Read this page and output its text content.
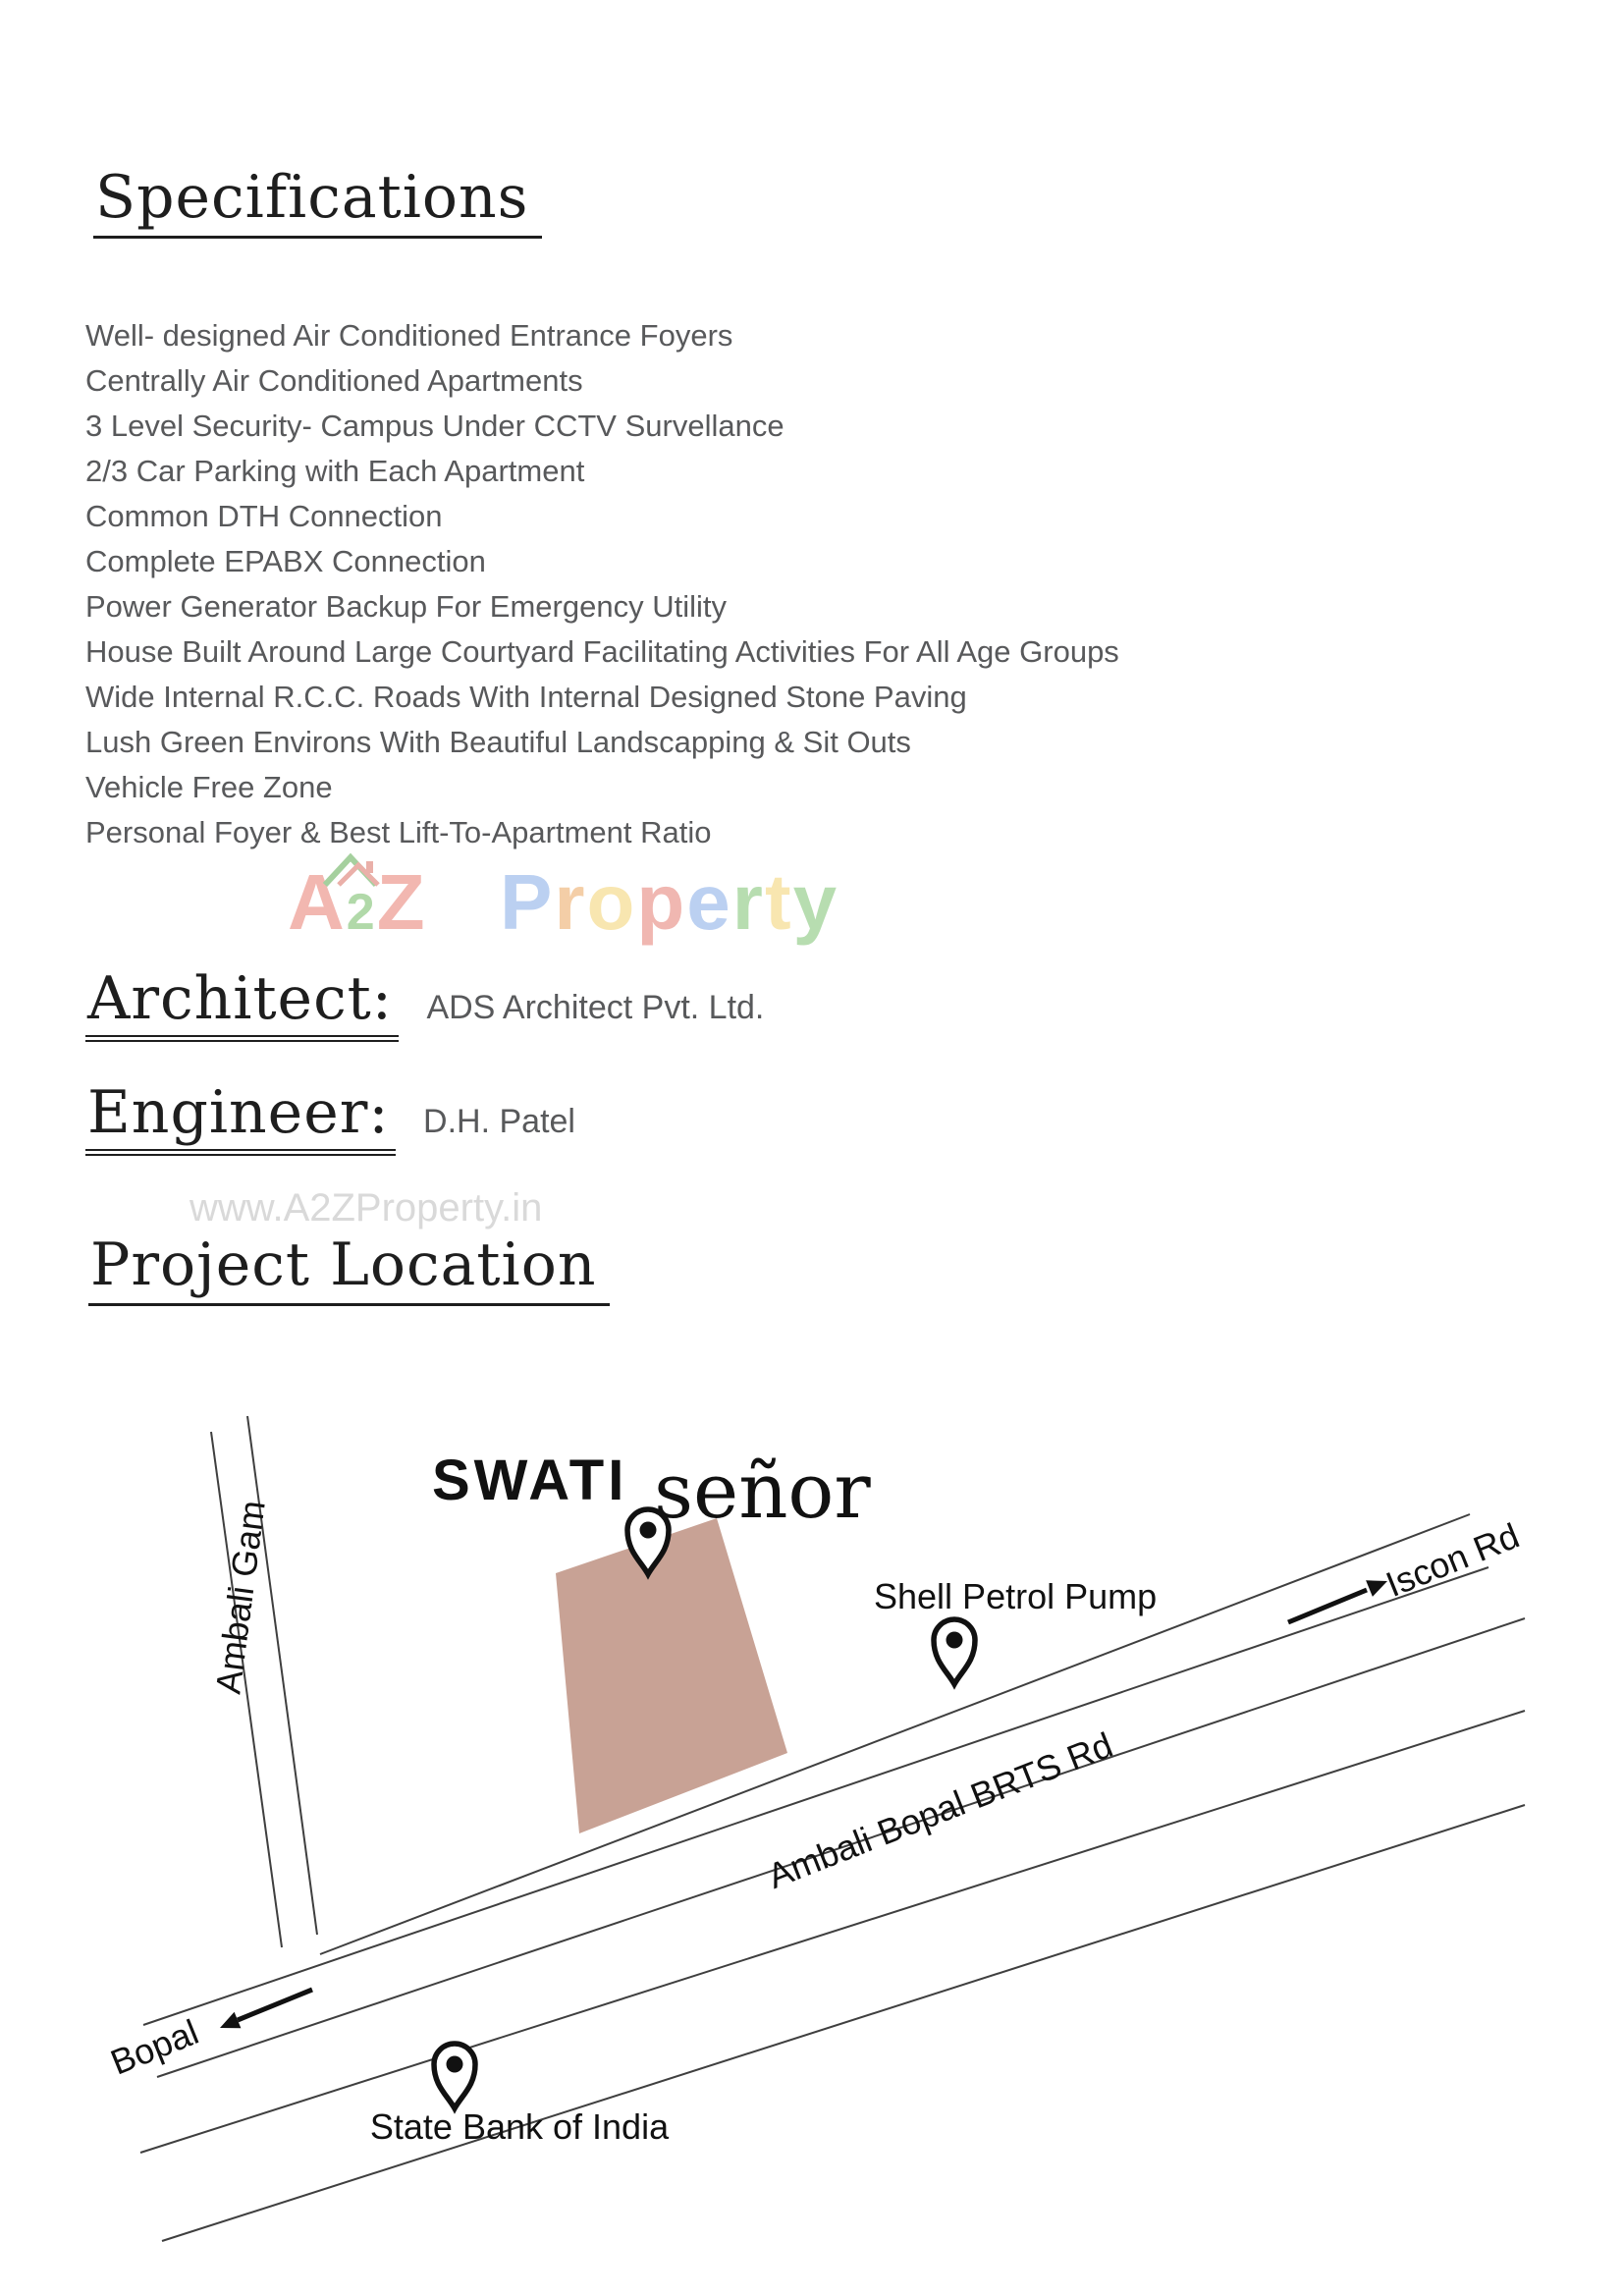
Specifications
Well- designed Air Conditioned Entrance Foyers
Centrally Air Conditioned Apartments
3 Level Security- Campus Under CCTV Survellance
2/3 Car Parking with Each Apartment
Common DTH Connection
Complete EPABX Connection
Power Generator Backup For Emergency Utility
House Built Around Large Courtyard Facilitating Activities For All Age Groups
Wide Internal R.C.C. Roads With Internal Designed Stone Paving
Lush Green Environs With Beautiful Landscapping & Sit Outs
Vehicle Free Zone
Personal Foyer & Best Lift-To-Apartment Ratio
A2Z Property
Architect: ADS Architect Pvt. Ltd.
Engineer: D.H. Patel
www.A2ZProperty.in
Project Location
SWATI señor
Ambali Gam	Iscon Rd
Ambali Bopal BRTS Rd
Shell Petrol Pump
Bopal
State Bank of India
